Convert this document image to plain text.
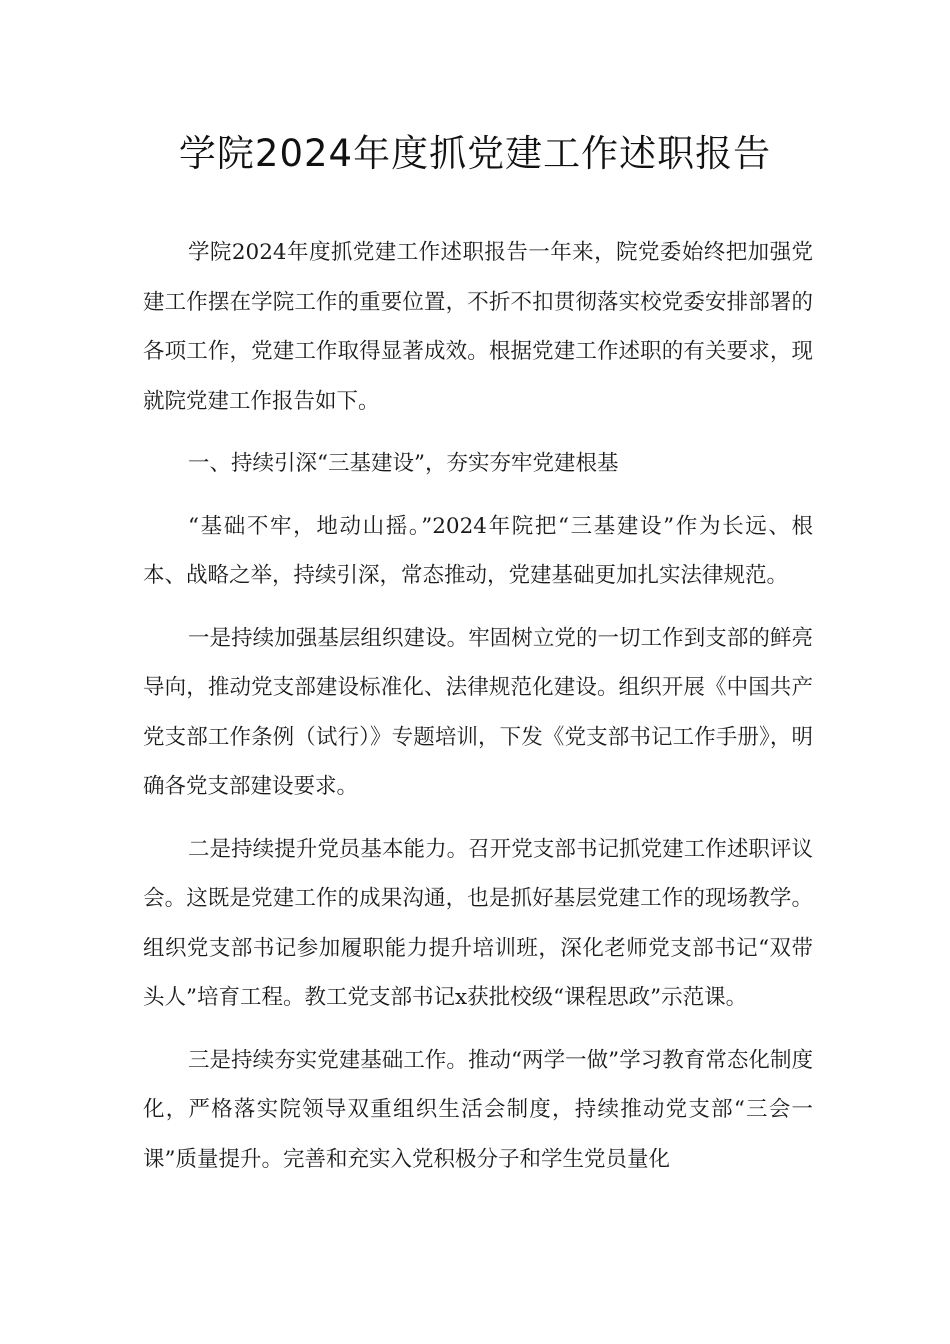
学院2024年度抓党建工作述职报告

学院2024年度抓党建工作述职报告一年来，院党委始终把加强党建工作摆在学院工作的重要位置，不折不扣贯彻落实校党委安排部署的各项工作，党建工作取得显著成效。根据党建工作述职的有关要求，现就院党建工作报告如下。

一、持续引深“三基建设”，夯实夯牢党建根基

“基础不牢，地动山摇。”2024年院把“三基建设”作为长远、根本、战略之举，持续引深，常态推动，党建基础更加扎实法律规范。

一是持续加强基层组织建设。牢固树立党的一切工作到支部的鲜亮导向，推动党支部建设标准化、法律规范化建设。组织开展《中国共产党支部工作条例（试行）》专题培训，下发《党支部书记工作手册》，明确各党支部建设要求。

二是持续提升党员基本能力。召开党支部书记抓党建工作述职评议会。这既是党建工作的成果沟通，也是抓好基层党建工作的现场教学。组织党支部书记参加履职能力提升培训班，深化老师党支部书记“双带头人”培育工程。教工党支部书记x获批校级“课程思政”示范课。

三是持续夯实党建基础工作。推动“两学一做”学习教育常态化制度化，严格落实院领导双重组织生活会制度，持续推动党支部“三会一课”质量提升。完善和充实入党积极分子和学生党员量化
